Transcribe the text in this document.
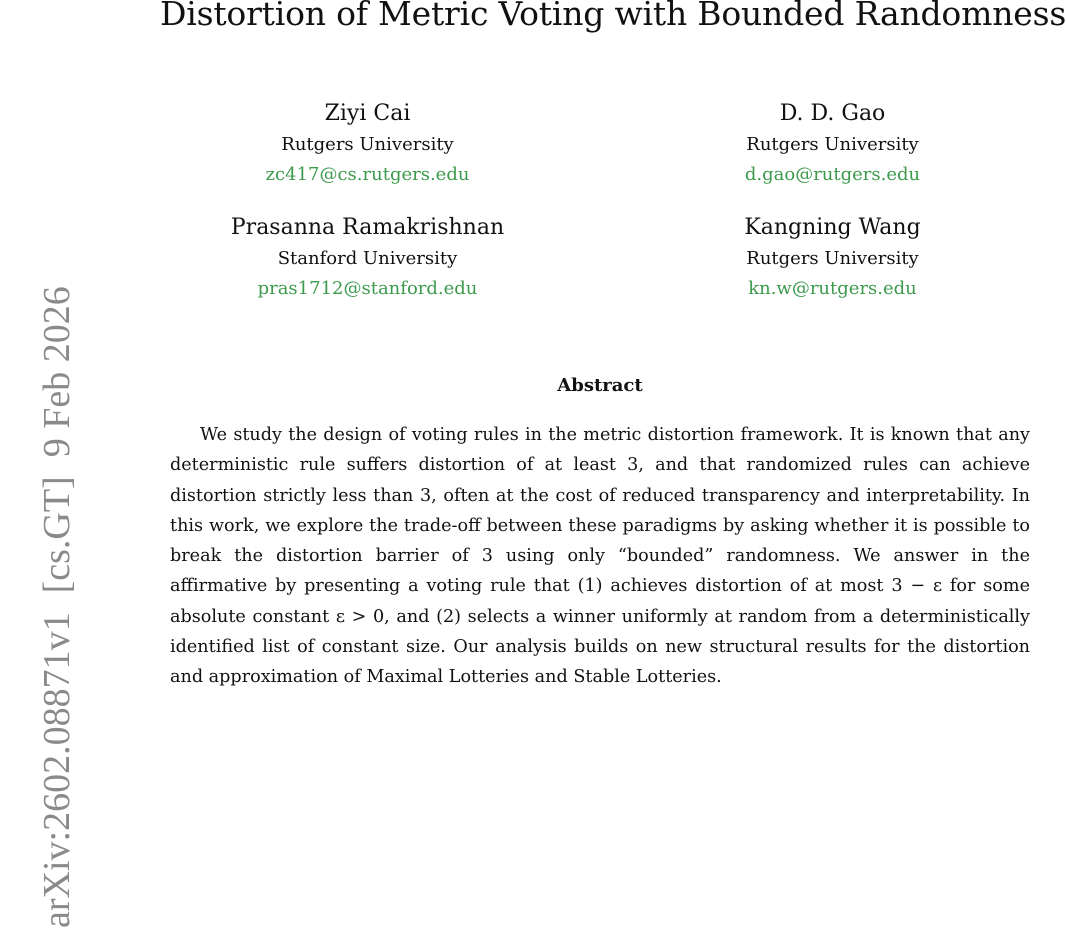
arXiv:2602.08871v1  [cs.GT]  9 Feb 2026
Distortion of Metric Voting with Bounded Randomness
Ziyi Cai
Rutgers University
zc417@cs.rutgers.edu
D. D. Gao
Rutgers University
d.gao@rutgers.edu
Prasanna Ramakrishnan
Stanford University
pras1712@stanford.edu
Kangning Wang
Rutgers University
kn.w@rutgers.edu
Abstract

We study the design of voting rules in the metric distortion framework. It is known that any deterministic rule suffers distortion of at least 3, and that randomized rules can achieve distortion strictly less than 3, often at the cost of reduced transparency and interpretability. In this work, we explore the trade-off between these paradigms by asking whether it is possible to break the distortion barrier of 3 using only “bounded” randomness. We answer in the affirmative by presenting a voting rule that (1) achieves distortion of at most 3 − ε for some absolute constant ε > 0, and (2) selects a winner uniformly at random from a deterministically identified list of constant size. Our analysis builds on new structural results for the distortion and approximation of Maximal Lotteries and Stable Lotteries.
